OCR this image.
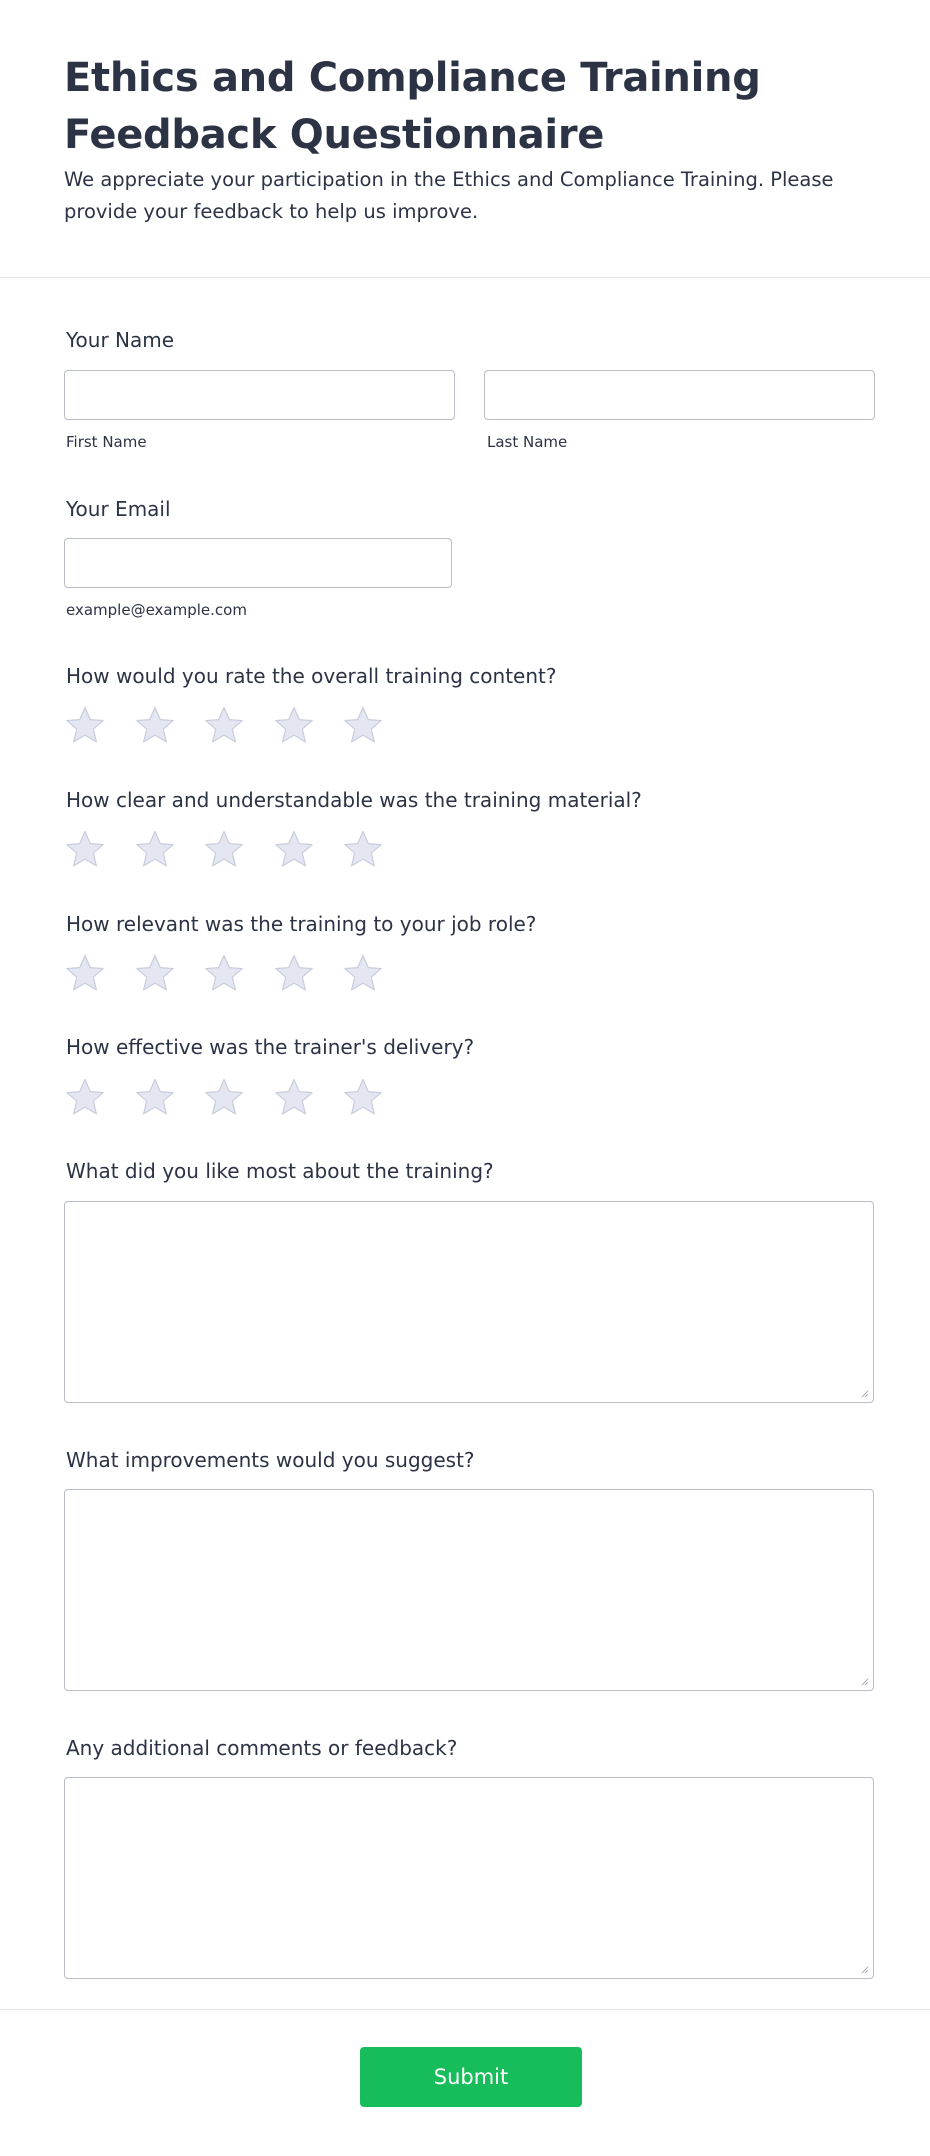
Ethics and Compliance Training Feedback Questionnaire

We appreciate your participation in the Ethics and Compliance Training. Please provide your feedback to help us improve.

Your Name
First Name	Last Name
Your Email
example@example.com
How would you rate the overall training content?
How clear and understandable was the training material?
How relevant was the training to your job role?
How effective was the trainer's delivery?
What did you like most about the training?
What improvements would you suggest?
Any additional comments or feedback?
Submit
